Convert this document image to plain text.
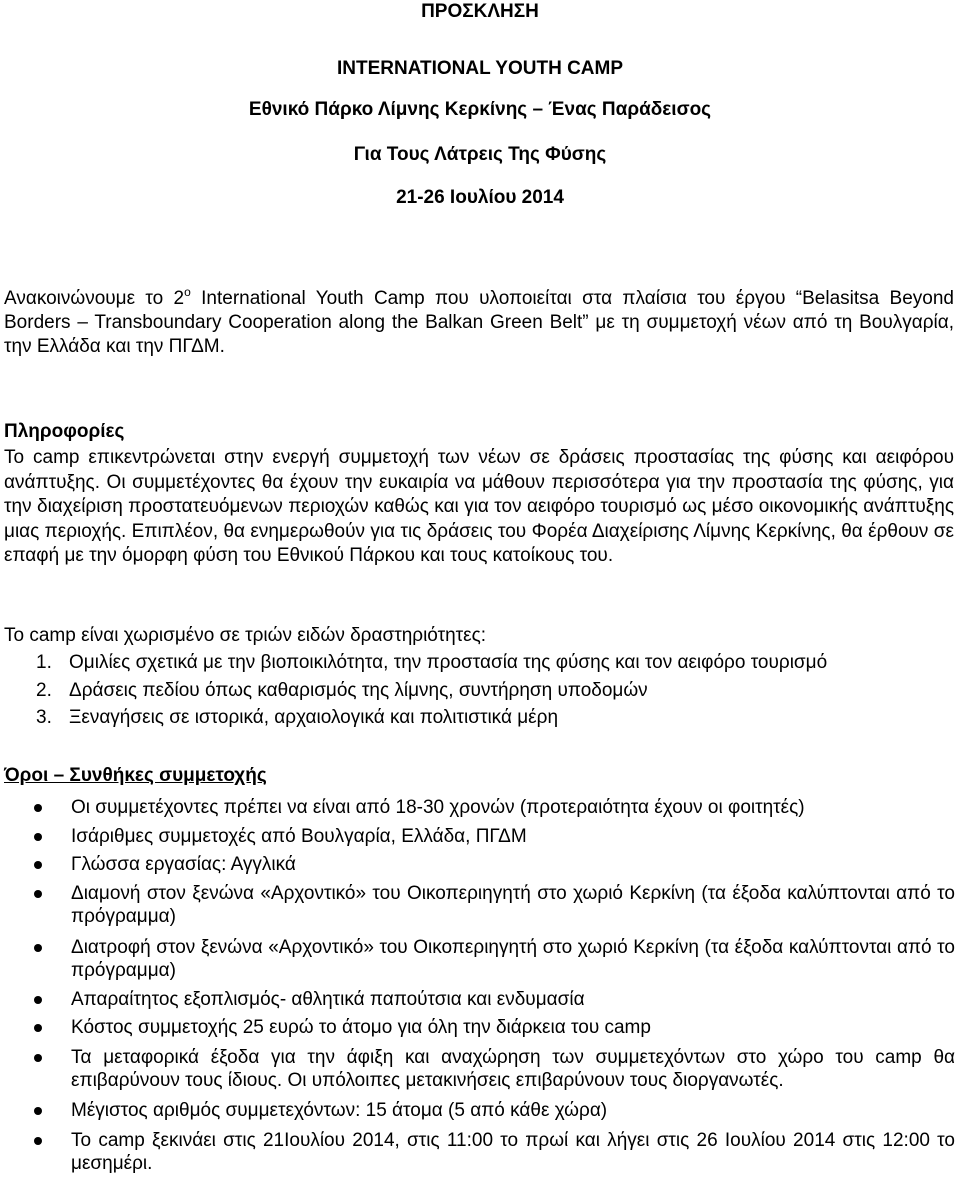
ΠΡΟΣΚΛΗΣΗ
INTERNATIONAL YOUTH CAMP
Εθνικό Πάρκο Λίμνης Κερκίνης – Ένας Παράδεισος
Για Τους Λάτρεις Της Φύσης
21-26 Ιουλίου 2014
Ανακοινώνουμε το $2^o$ International Youth Camp που υλοποιείται στα πλαίσια του έργου “Belasitsa Beyond Borders – Transboundary Cooperation along the Balkan Green Belt” με τη συμμετοχή νέων από τη Βουλγαρία, την Ελλάδα και την ΠΓΔΜ.
Πληροφορίες
Το camp επικεντρώνεται στην ενεργή συμμετοχή των νέων σε δράσεις προστασίας της φύσης και αειφόρου ανάπτυξης. Οι συμμετέχοντες θα έχουν την ευκαιρία να μάθουν περισσότερα για την προστασία της φύσης, για την διαχείριση προστατευόμενων περιοχών καθώς και για τον αειφόρο τουρισμό ως μέσο οικονομικής ανάπτυξης μιας περιοχής. Επιπλέον, θα ενημερωθούν για τις δράσεις του Φορέα Διαχείρισης Λίμνης Κερκίνης, θα έρθουν σε επαφή με την όμορφη φύση του Εθνικού Πάρκου και τους κατοίκους του.
Το camp είναι χωρισμένο σε τριών ειδών δραστηριότητες:
1. Ομιλίες σχετικά με την βιοποικιλότητα, την προστασία της φύσης και τον αειφόρο τουρισμό
2. Δράσεις πεδίου όπως καθαρισμός της λίμνης, συντήρηση υποδομών
3. Ξεναγήσεις σε ιστορικά, αρχαιολογικά και πολιτιστικά μέρη
Όροι – Συνθήκες συμμετοχής
Οι συμμετέχοντες πρέπει να είναι από 18-30 χρονών (προτεραιότητα έχουν οι φοιτητές)
Ισάριθμες συμμετοχές από Βουλγαρία, Ελλάδα, ΠΓΔΜ
Γλώσσα εργασίας: Αγγλικά
Διαμονή στον ξενώνα «Αρχοντικό» του Οικοπεριηγητή στο χωριό Κερκίνη (τα έξοδα καλύπτονται από το πρόγραμμα)
Διατροφή στον ξενώνα «Αρχοντικό» του Οικοπεριηγητή στο χωριό Κερκίνη (τα έξοδα καλύπτονται από το πρόγραμμα)
Απαραίτητος εξοπλισμός- αθλητικά παπούτσια και ενδυμασία
Κόστος συμμετοχής 25 ευρώ το άτομο για όλη την διάρκεια του camp
Τα μεταφορικά έξοδα για την άφιξη και αναχώρηση των συμμετεχόντων στο χώρο του camp θα επιβαρύνουν τους ίδιους. Οι υπόλοιπες μετακινήσεις επιβαρύνουν τους διοργανωτές.
Μέγιστος αριθμός συμμετεχόντων: 15 άτομα (5 από κάθε χώρα)
Το camp ξεκινάει στις 21Ιουλίου 2014, στις 11:00 το πρωί και λήγει στις 26 Ιουλίου 2014 στις 12:00 το μεσημέρι.
